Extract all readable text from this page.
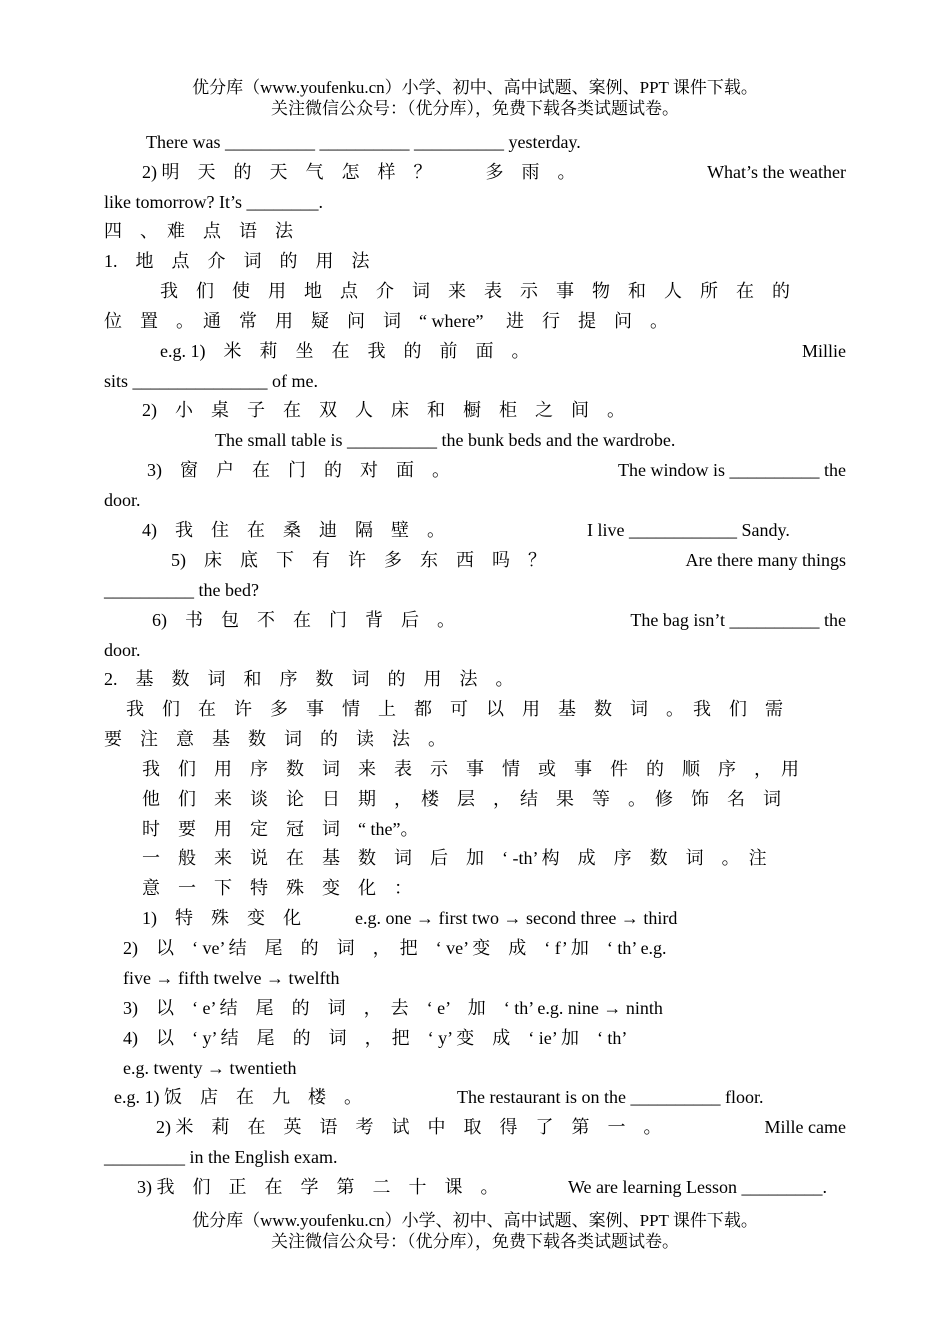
优分库（www.youfenku.cn）小学、初中、高中试题、案例、PPT 课件下载。
关注微信公众号：（优分库），免费下载各类试题试卷。
There was __________ __________ __________ yesterday.
2) 明　天　的　天　气　怎　样　？　　　多　雨　。	What’s the weather
like tomorrow? It’s ________.
四　、　难　点　语　法
1.　地　点　介　词　的　用　法
我　们　使　用　地　点　介　词　来　表　示　事　物　和　人　所　在　的
位　置　。　通　常　用　疑　问　词　“ where” 　进　行　提　问　。
e.g. 1)　米　莉　坐　在　我　的　前　面　。	Millie
sits _______________ of me.
2)　小　桌　子　在　双　人　床　和　橱　柜　之　间　。
The small table is __________ the bunk beds and the wardrobe.
3)　窗　户　在　门　的　对　面　。	The window is __________ the
door.
4)　我　住　在　桑　迪　隔　壁　。	I live ____________ Sandy.
5)　床　底　下　有　许　多　东　西　吗　？	Are there many things
__________ the bed?
6)　书　包　不　在　门　背　后　。	The bag isn’t __________ the
door.
2.　基　数　词　和　序　数　词　的　用　法　。
我　们　在　许　多　事　情　上　都　可　以　用　基　数　词　。　我　们　需
要　注　意　基　数　词　的　读　法　。
我　们　用　序　数　词　来　表　示　事　情　或　事　件　的　顺　序　，　用
他　们　来　谈　论　日　期　，　楼　层　，　结　果　等　。　修　饰　名　词
时　要　用　定　冠　词　“ the”。
一　般　来　说　在　基　数　词　后　加　‘ -th’ 构　成　序　数　词　。　注
意　一　下　特　殊　变　化　：
1)　特　殊　变　化　　　e.g. one → first two → second three → third
2)　以　‘ ve’ 结　尾　的　词　，　把　‘ ve’ 变　成　‘ f’ 加　‘ th’ e.g.
five → fifth twelve → twelfth
3)　以　‘ e’ 结　尾　的　词　，　去　‘ e’　加　‘ th’ e.g. nine → ninth
4)　以　‘ y’ 结　尾　的　词　，　把　‘ y’ 变　成　‘ ie’ 加　‘ th’
e.g. twenty → twentieth
e.g. 1) 饭　店　在　九　楼　。	The restaurant is on the __________ floor.
2) 米　莉　在　英　语　考　试　中　取　得　了　第　一　。	Mille came
_________ in the English exam.
3) 我　们　正　在　学　第　二　十　课　。	We are learning Lesson _________.
优分库（www.youfenku.cn）小学、初中、高中试题、案例、PPT 课件下载。
关注微信公众号：（优分库），免费下载各类试题试卷。
